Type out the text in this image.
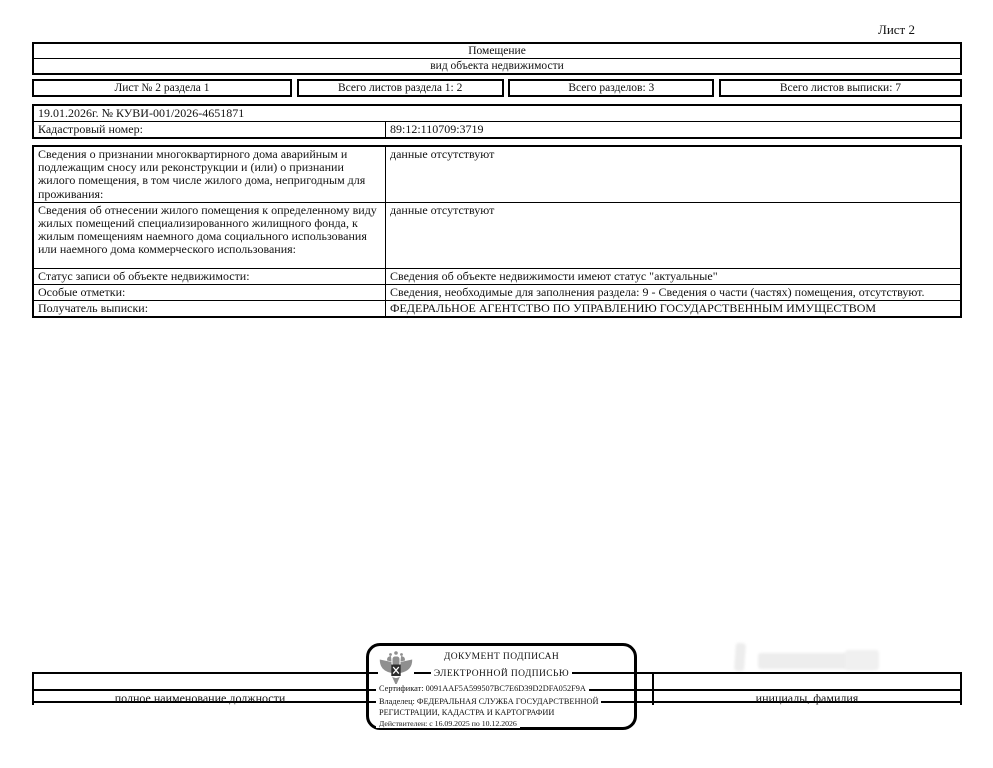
Лист 2
Помещение
вид объекта недвижимости
Лист № 2 раздела 1	Всего листов раздела 1: 2	Всего разделов: 3	Всего листов выписки: 7
19.01.2026г. № КУВИ-001/2026-4651871
Кадастровый номер:	89:12:110709:3719
Сведения о признании многоквартирного дома аварийным и подлежащим сносу или реконструкции и (или) о признании жилого помещения, в том числе жилого дома, непригодным для проживания:
данные отсутствуют
Сведения об отнесении жилого помещения к определенному виду жилых помещений специализированного жилищного фонда, к жилым помещениям наемного дома социального использования или наемного дома коммерческого использования:
данные отсутствуют
Статус записи об объекте недвижимости:	Сведения об объекте недвижимости имеют статус "актуальные"
Особые отметки:	Сведения, необходимые для заполнения раздела: 9 - Сведения о части (частях) помещения, отсутствуют.
Получатель выписки:	ФЕДЕРАЛЬНОЕ АГЕНТСТВО ПО УПРАВЛЕНИЮ ГОСУДАРСТВЕННЫМ ИМУЩЕСТВОМ
полное наименование должности	инициалы, фамилия
ДОКУМЕНТ ПОДПИСАН
ЭЛЕКТРОННОЙ ПОДПИСЬЮ
Сертификат: 0091AAF5A599507BC7E6D39D2DFA052F9A
Владелец: ФЕДЕРАЛЬНАЯ СЛУЖБА ГОСУДАРСТВЕННОЙ
РЕГИСТРАЦИИ, КАДАСТРА И КАРТОГРАФИИ
Действителен: с 16.09.2025 по 10.12.2026
